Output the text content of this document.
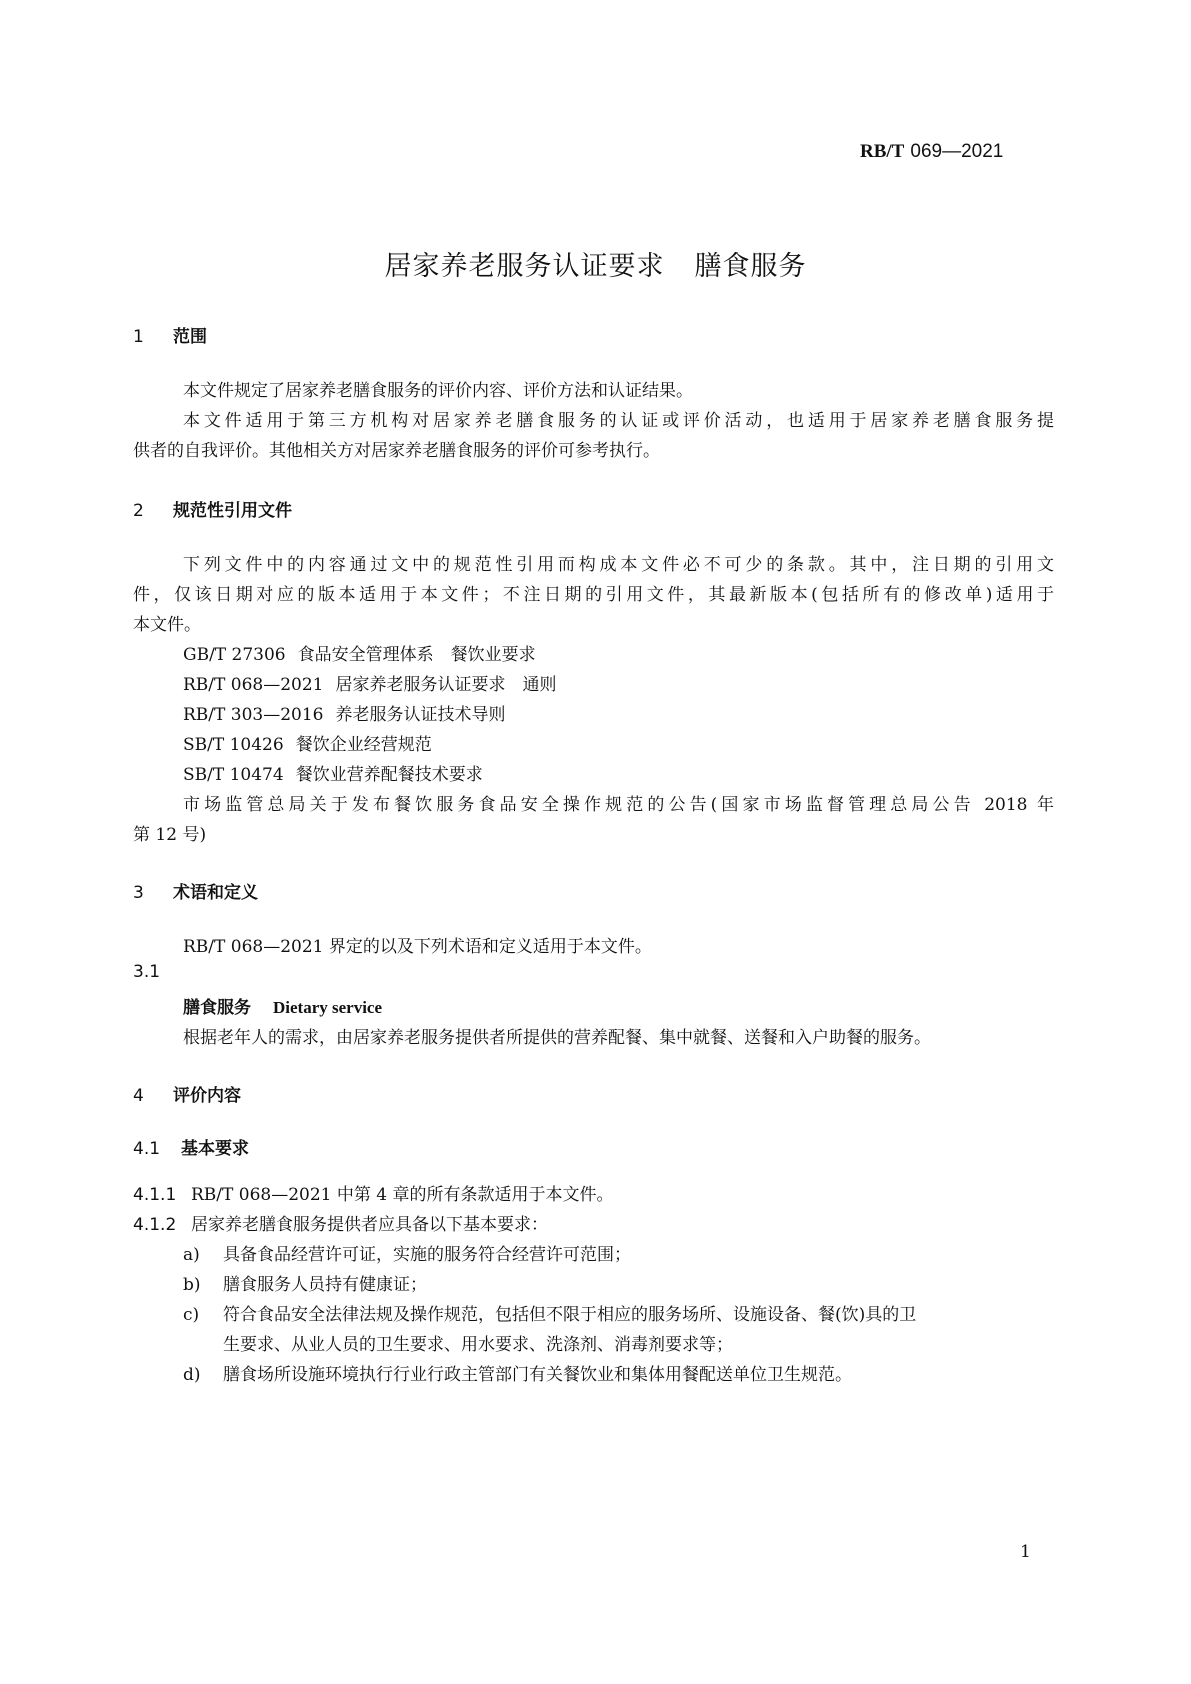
RB/T 069—2021
居家养老服务认证要求 膳食服务
1 范围
本文件规定了居家养老膳食服务的评价内容、评价方法和认证结果。
本文件适用于第三方机构对居家养老膳食服务的认证或评价活动，也适用于居家养老膳食服务提
供者的自我评价。其他相关方对居家养老膳食服务的评价可参考执行。
2 规范性引用文件
下列文件中的内容通过文中的规范性引用而构成本文件必不可少的条款。其中，注日期的引用文
件，仅该日期对应的版本适用于本文件；不注日期的引用文件，其最新版本(包括所有的修改单)适用于
本文件。
GB/T 27306 食品安全管理体系　餐饮业要求
RB/T 068—2021 居家养老服务认证要求　通则
RB/T 303—2016 养老服务认证技术导则
SB/T 10426 餐饮企业经营规范
SB/T 10474 餐饮业营养配餐技术要求
市场监管总局关于发布餐饮服务食品安全操作规范的公告(国家市场监督管理总局公告 2018 年
第 12 号)
3 术语和定义
RB/T 068—2021 界定的以及下列术语和定义适用于本文件。
3.1
膳食服务 Dietary service
根据老年人的需求，由居家养老服务提供者所提供的营养配餐、集中就餐、送餐和入户助餐的服务。
4 评价内容
4.1 基本要求
4.1.1 RB/T 068—2021 中第 4 章的所有条款适用于本文件。
4.1.2 居家养老膳食服务提供者应具备以下基本要求：
a) 具备食品经营许可证，实施的服务符合经营许可范围；
b) 膳食服务人员持有健康证；
c) 符合食品安全法律法规及操作规范，包括但不限于相应的服务场所、设施设备、餐(饮)具的卫
生要求、从业人员的卫生要求、用水要求、洗涤剂、消毒剂要求等；
d) 膳食场所设施环境执行行业行政主管部门有关餐饮业和集体用餐配送单位卫生规范。
1
